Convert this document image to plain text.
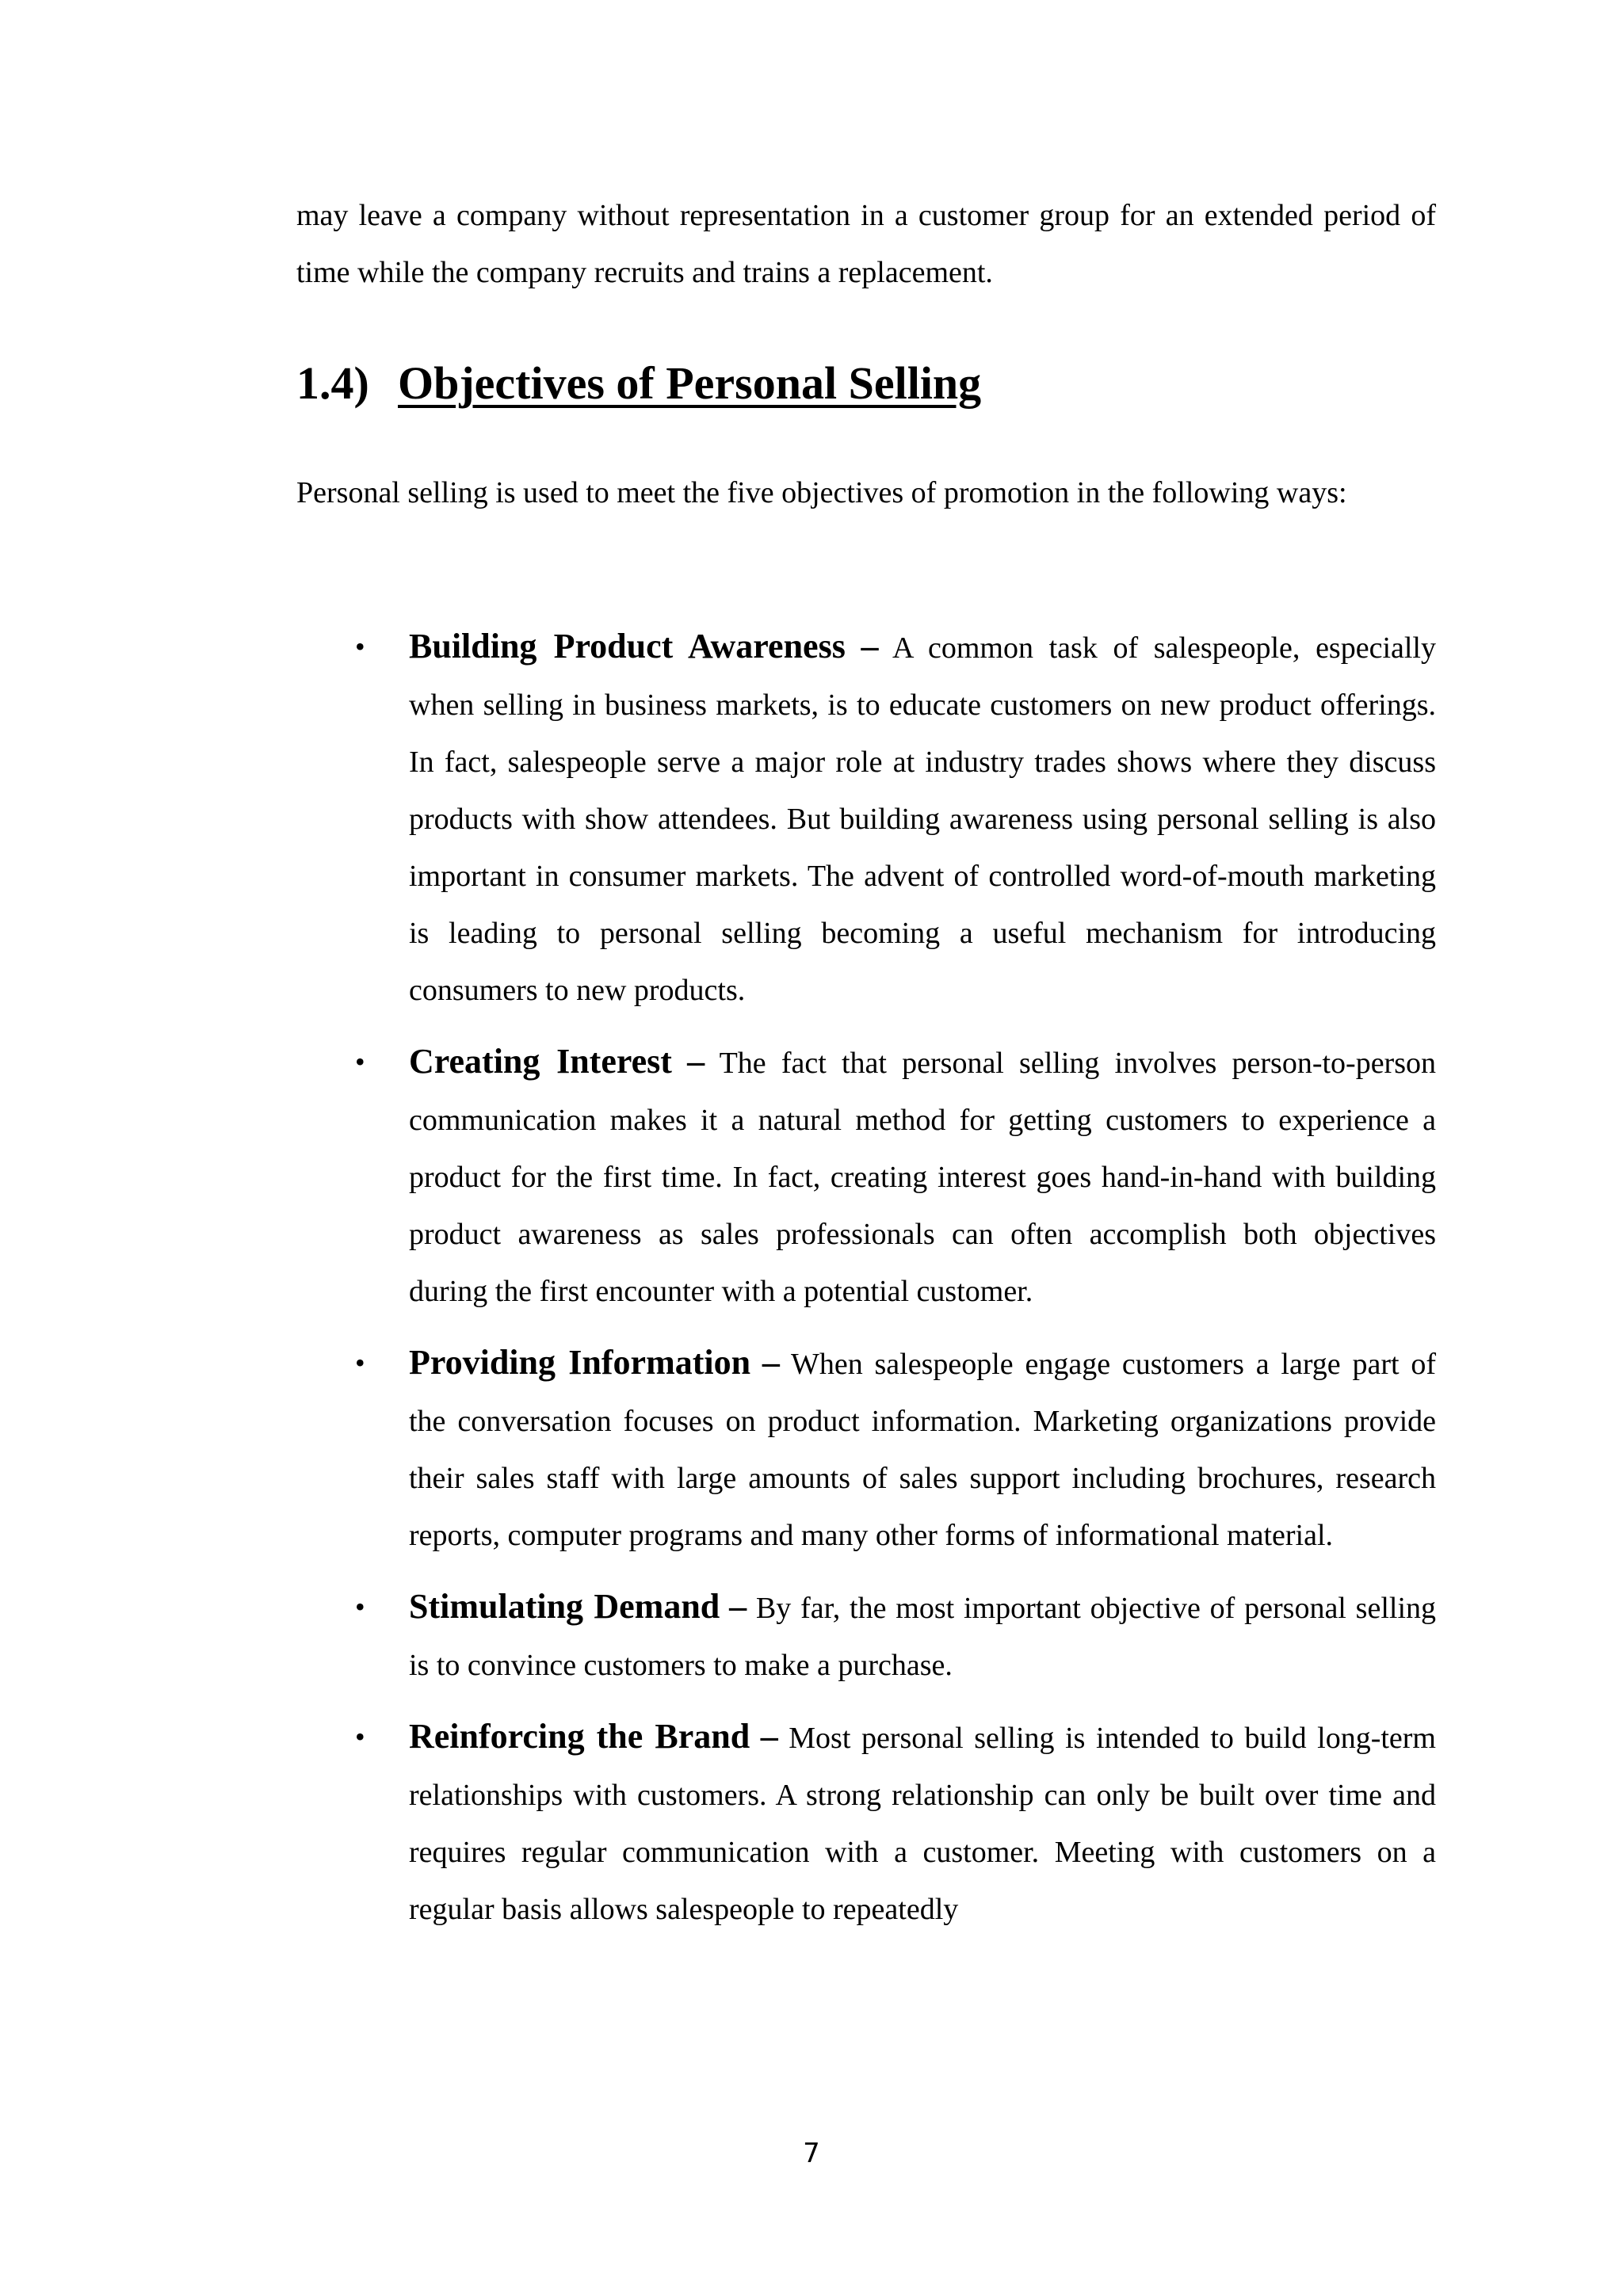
may leave a company without representation in a customer group for an extended period of time while the company recruits and trains a replacement.

1.4) Objectives of Personal Selling

Personal selling is used to meet the five objectives of promotion in the following ways:

• Building Product Awareness – A common task of salespeople, especially when selling in business markets, is to educate customers on new product offerings. In fact, salespeople serve a major role at industry trades shows where they discuss products with show attendees. But building awareness using personal selling is also important in consumer markets. The advent of controlled word-of-mouth marketing is leading to personal selling becoming a useful mechanism for introducing consumers to new products.

• Creating Interest – The fact that personal selling involves person-to-person communication makes it a natural method for getting customers to experience a product for the first time. In fact, creating interest goes hand-in-hand with building product awareness as sales professionals can often accomplish both objectives during the first encounter with a potential customer.

• Providing Information – When salespeople engage customers a large part of the conversation focuses on product information. Marketing organizations provide their sales staff with large amounts of sales support including brochures, research reports, computer programs and many other forms of informational material.

• Stimulating Demand – By far, the most important objective of personal selling is to convince customers to make a purchase.

• Reinforcing the Brand – Most personal selling is intended to build long-term relationships with customers. A strong relationship can only be built over time and requires regular communication with a customer. Meeting with customers on a regular basis allows salespeople to repeatedly

7
